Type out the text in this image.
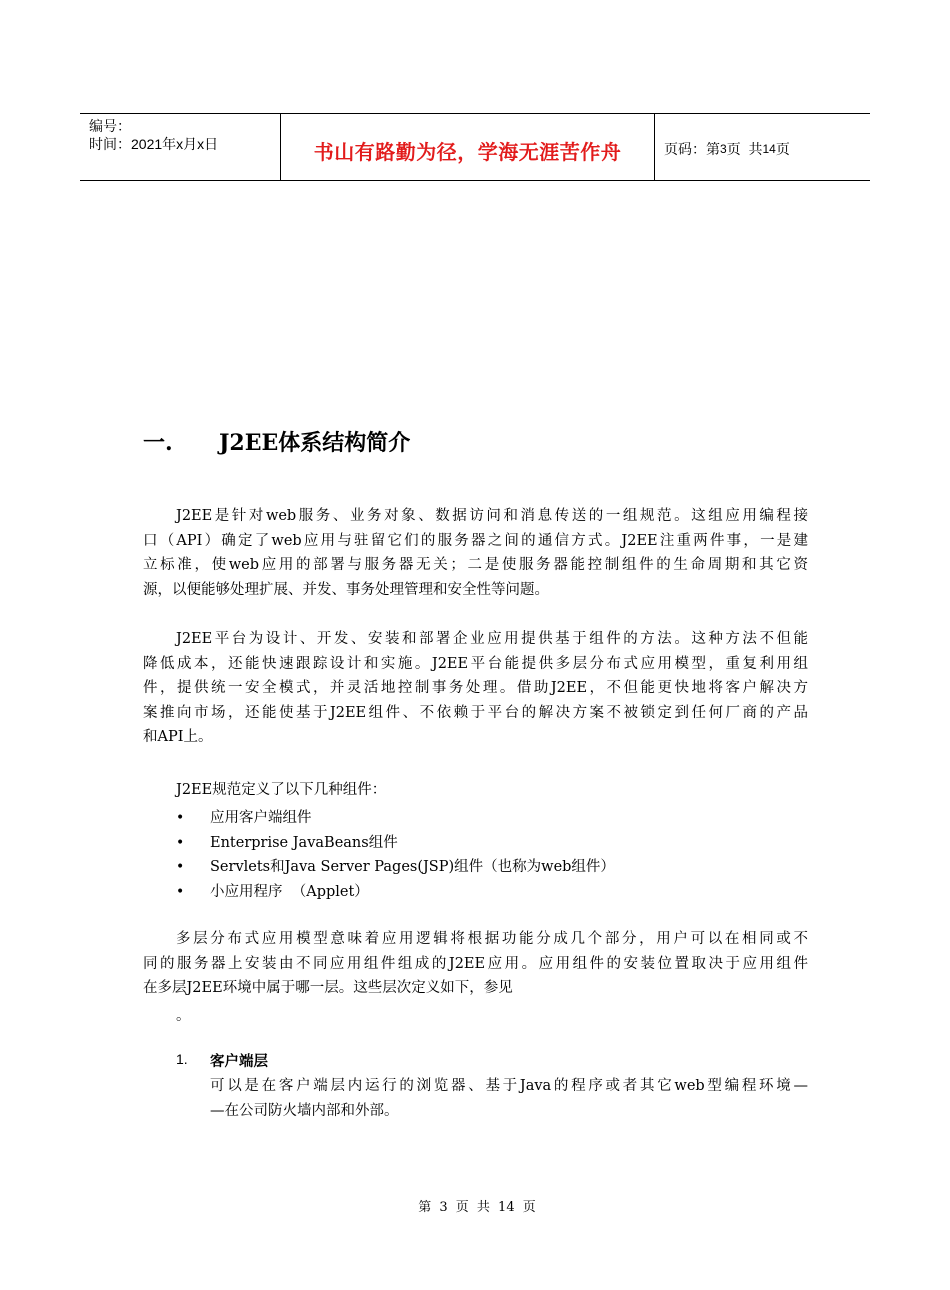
编号：
时间：2021年x月x日	书山有路勤为径，学海无涯苦作舟	页码：第 3 页  共 14 页
一. J2EE体系结构简介
J2EE是针对web服务、业务对象、数据访问和消息传送的一组规范。这组应用编程接
口（API）确定了web应用与驻留它们的服务器之间的通信方式。J2EE注重两件事，一是建
立标准，使web应用的部署与服务器无关；二是使服务器能控制组件的生命周期和其它资
源，以便能够处理扩展、并发、事务处理管理和安全性等问题。
J2EE平台为设计、开发、安装和部署企业应用提供基于组件的方法。这种方法不但能
降低成本，还能快速跟踪设计和实施。J2EE平台能提供多层分布式应用模型，重复利用组
件，提供统一安全模式，并灵活地控制事务处理。借助J2EE，不但能更快地将客户解决方
案推向市场，还能使基于J2EE组件、不依赖于平台的解决方案不被锁定到任何厂商的产品
和API上。
J2EE规范定义了以下几种组件：
• 应用客户端组件
• Enterprise JavaBeans组件
• Servlets和Java Server Pages(JSP)组件（也称为web组件）
• 小应用程序  （Applet）
多层分布式应用模型意味着应用逻辑将根据功能分成几个部分，用户可以在相同或不
同的服务器上安装由不同应用组件组成的J2EE应用。应用组件的安装位置取决于应用组件
在多层J2EE环境中属于哪一层。这些层次定义如下，参见
。
1. 客户端层
可以是在客户端层内运行的浏览器、基于Java的程序或者其它web型编程环境—
—在公司防火墙内部和外部。
第 3 页 共 14 页
